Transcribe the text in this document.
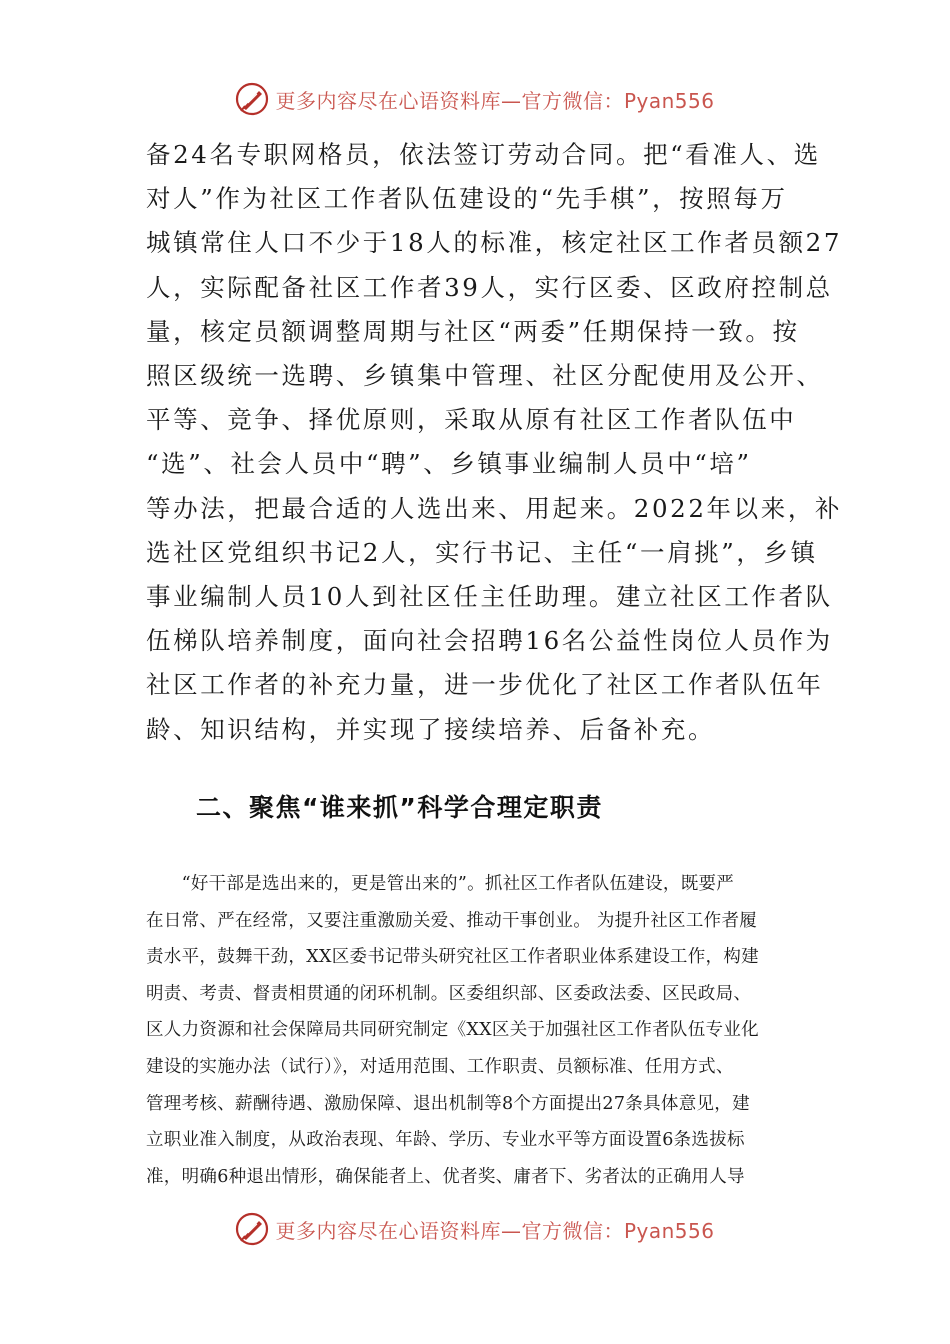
更多内容尽在心语资料库—官方微信：Pyan556

备24名专职网格员，依法签订劳动合同。把“看准人、选
对人”作为社区工作者队伍建设的“先手棋”，按照每万
城镇常住人口不少于18人的标准，核定社区工作者员额27
人，实际配备社区工作者39人，实行区委、区政府控制总
量，核定员额调整周期与社区“两委”任期保持一致。按
照区级统一选聘、乡镇集中管理、社区分配使用及公开、
平等、竞争、择优原则，采取从原有社区工作者队伍中
“选”、社会人员中“聘”、乡镇事业编制人员中“培”
等办法，把最合适的人选出来、用起来。2022年以来，补
选社区党组织书记2人，实行书记、主任“一肩挑”，乡镇
事业编制人员10人到社区任主任助理。建立社区工作者队
伍梯队培养制度，面向社会招聘16名公益性岗位人员作为
社区工作者的补充力量，进一步优化了社区工作者队伍年
龄、知识结构，并实现了接续培养、后备补充。

二、聚焦“谁来抓”科学合理定职责

　　“好干部是选出来的，更是管出来的”。抓社区工作者队伍建设，既要严
在日常、严在经常，又要注重激励关爱、推动干事创业。 为提升社区工作者履
责水平，鼓舞干劲，XX区委书记带头研究社区工作者职业体系建设工作，构建
明责、考责、督责相贯通的闭环机制。区委组织部、区委政法委、区民政局、
区人力资源和社会保障局共同研究制定《XX区关于加强社区工作者队伍专业化
建设的实施办法（试行）》，对适用范围、工作职责、员额标准、任用方式、
管理考核、薪酬待遇、激励保障、退出机制等8个方面提出27条具体意见，建
立职业准入制度，从政治表现、年龄、学历、专业水平等方面设置6条选拔标
准，明确6种退出情形，确保能者上、优者奖、庸者下、劣者汰的正确用人导

更多内容尽在心语资料库—官方微信：Pyan556
